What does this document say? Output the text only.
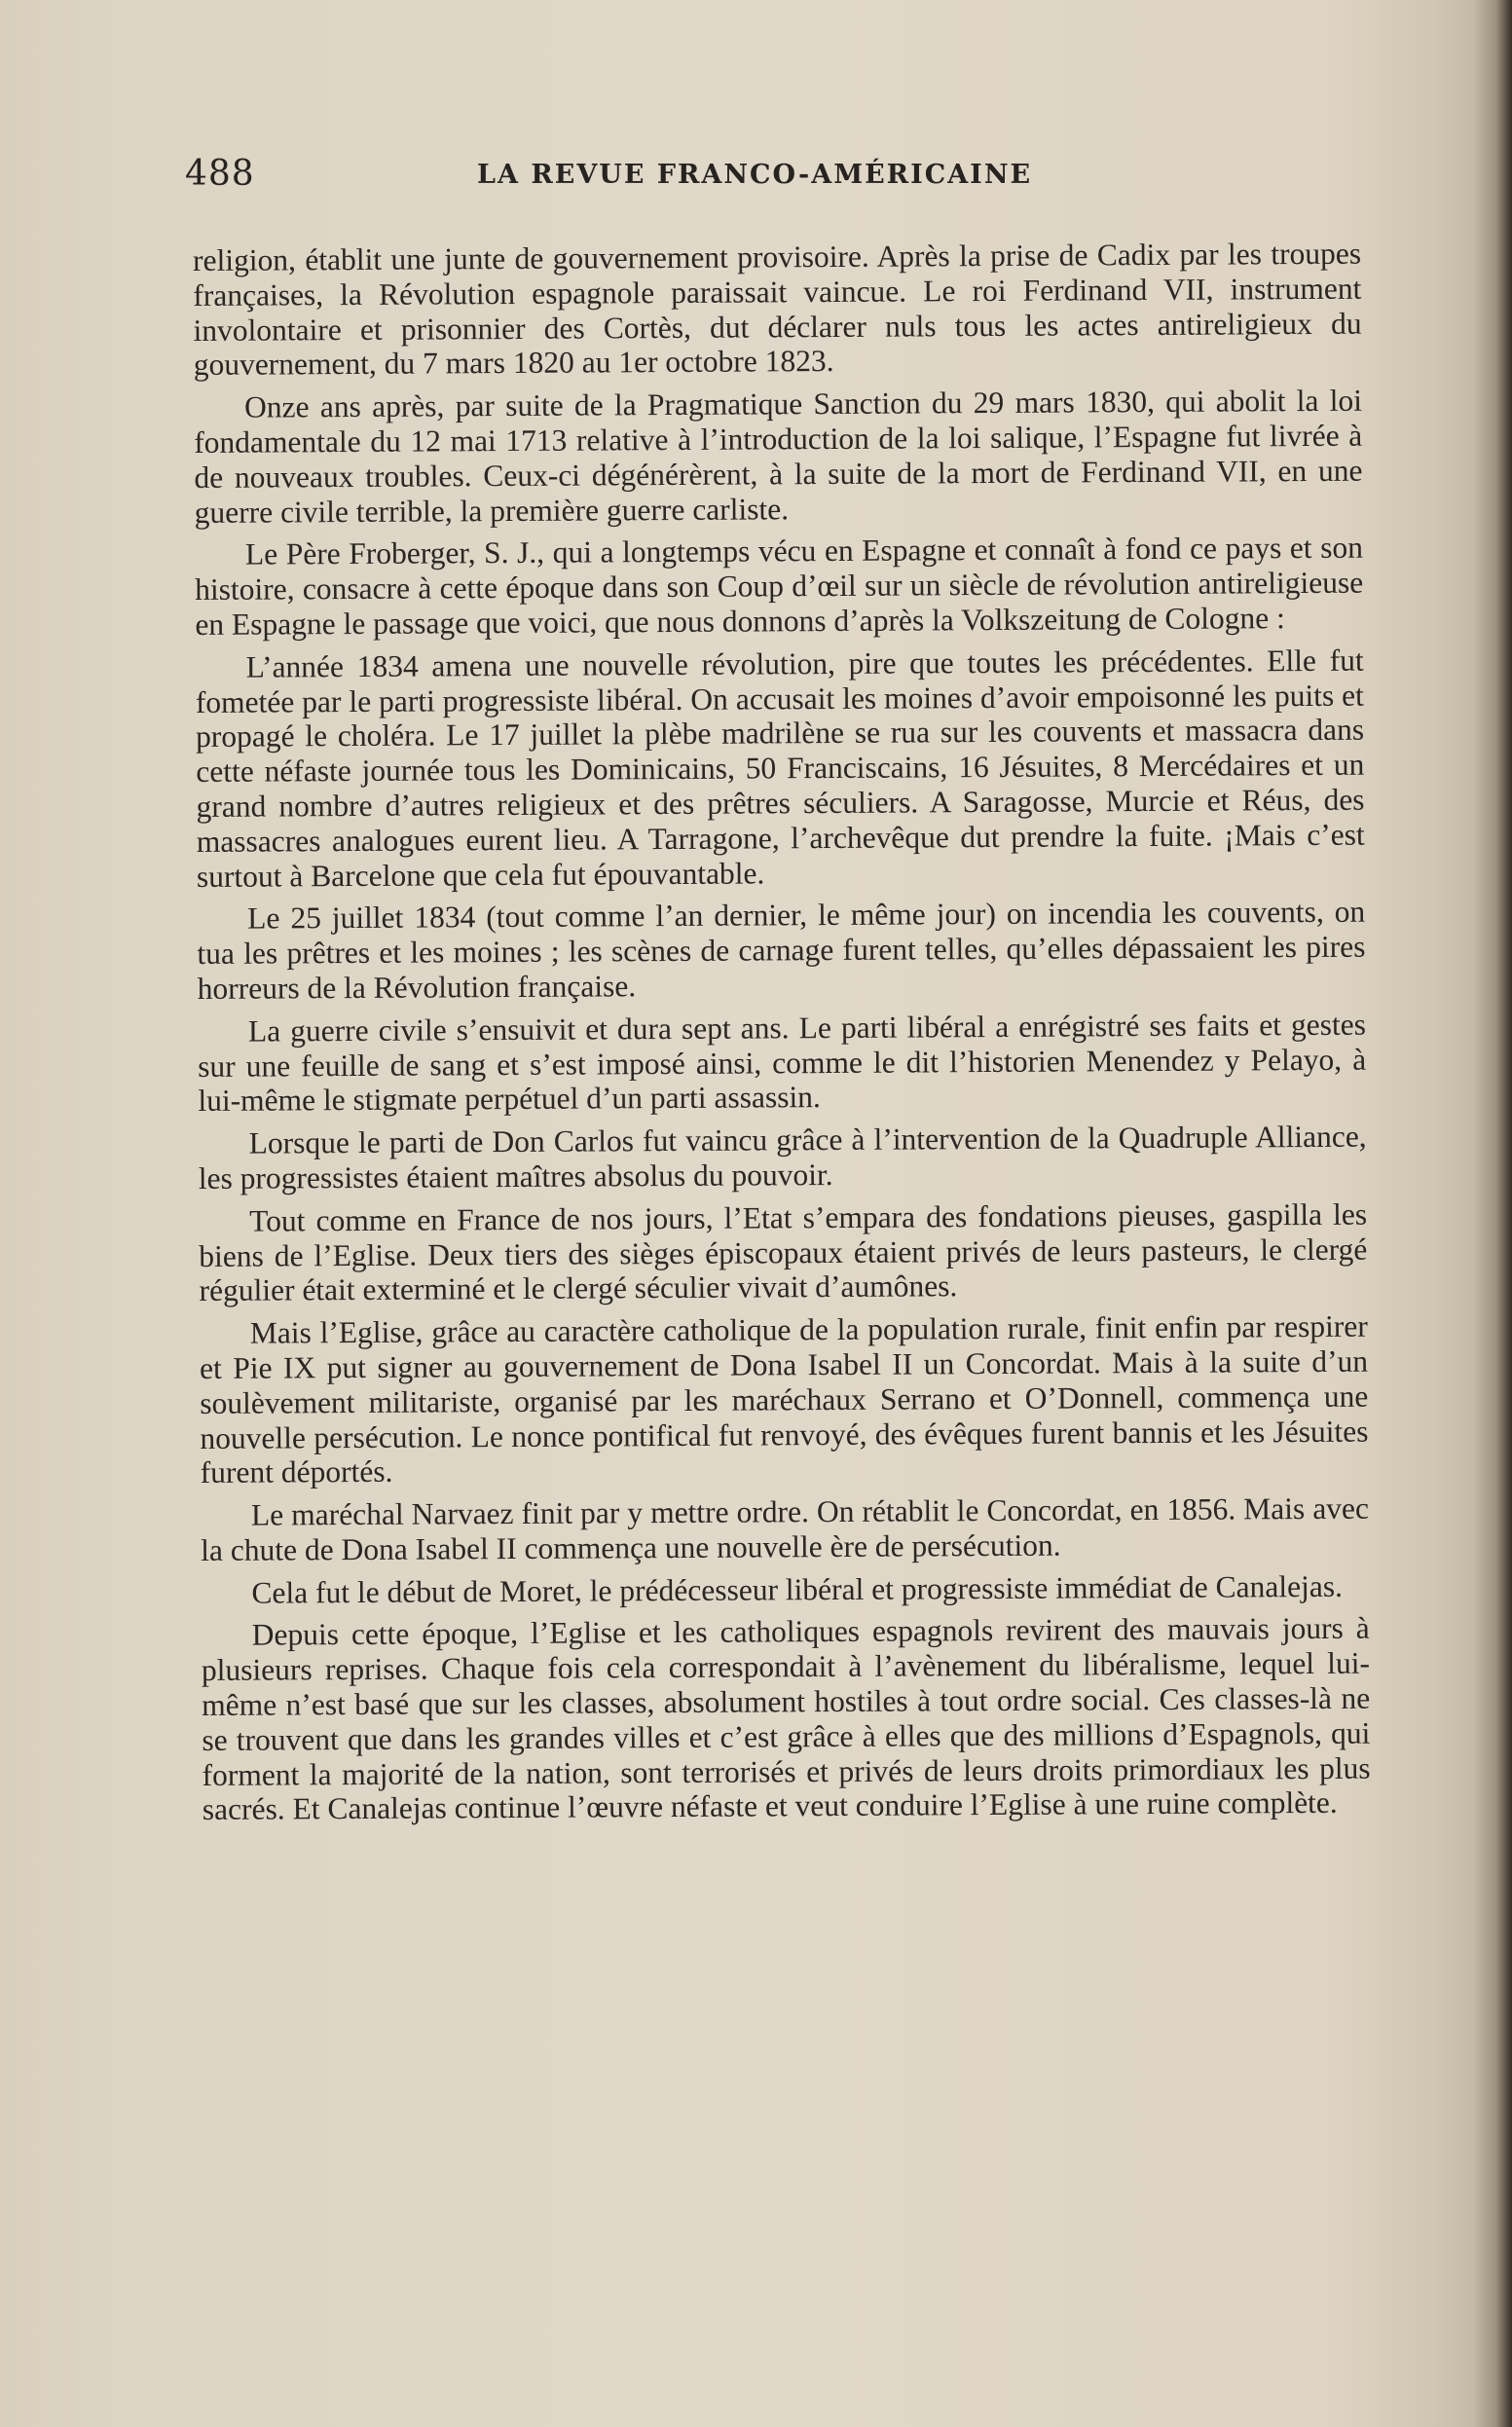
488	LA REVUE FRANCO-AMÉRICAINE

religion, établit une junte de gouvernement provisoire. Après la prise de Cadix par les troupes françaises, la Révolution espagnole paraissait vaincue. Le roi Ferdinand VII, instrument involontaire et prisonnier des Cortès, dut déclarer nuls tous les actes antireligieux du gouvernement, du 7 mars 1820 au 1er octobre 1823.

Onze ans après, par suite de la Pragmatique Sanction du 29 mars 1830, qui abolit la loi fondamentale du 12 mai 1713 relative à l’introduction de la loi salique, l’Espagne fut livrée à de nouveaux troubles. Ceux-ci dégénérèrent, à la suite de la mort de Ferdinand VII, en une guerre civile terrible, la première guerre carliste.

Le Père Froberger, S. J., qui a longtemps vécu en Espagne et connaît à fond ce pays et son histoire, consacre à cette époque dans son Coup d’œil sur un siècle de révolution antireligieuse en Espagne le passage que voici, que nous donnons d’après la Volkszeitung de Cologne :

L’année 1834 amena une nouvelle révolution, pire que toutes les précédentes. Elle fut fometée par le parti progressiste libéral. On accusait les moines d’avoir empoisonné les puits et propagé le choléra. Le 17 juillet la plèbe madrilène se rua sur les couvents et massacra dans cette néfaste journée tous les Dominicains, 50 Franciscains, 16 Jésuites, 8 Mercédaires et un grand nombre d’autres religieux et des prêtres séculiers. A Saragosse, Murcie et Réus, des massacres analogues eurent lieu. A Tarragone, l’archevêque dut prendre la fuite. ¡Mais c’est surtout à Barcelone que cela fut épouvantable.

Le 25 juillet 1834 (tout comme l’an dernier, le même jour) on incendia les couvents, on tua les prêtres et les moines ; les scènes de carnage furent telles, qu’elles dépassaient les pires horreurs de la Révolution française.

La guerre civile s’ensuivit et dura sept ans. Le parti libéral a enrégistré ses faits et gestes sur une feuille de sang et s’est imposé ainsi, comme le dit l’historien Menendez y Pelayo, à lui-même le stigmate perpétuel d’un parti assassin.

Lorsque le parti de Don Carlos fut vaincu grâce à l’intervention de la Quadruple Alliance, les progressistes étaient maîtres absolus du pouvoir.

Tout comme en France de nos jours, l’Etat s’empara des fondations pieuses, gaspilla les biens de l’Eglise. Deux tiers des sièges épiscopaux étaient privés de leurs pasteurs, le clergé régulier était exterminé et le clergé séculier vivait d’aumônes.

Mais l’Eglise, grâce au caractère catholique de la population rurale, finit enfin par respirer et Pie IX put signer au gouvernement de Dona Isabel II un Concordat. Mais à la suite d’un soulèvement militariste, organisé par les maréchaux Serrano et O’Donnell, commença une nouvelle persécution. Le nonce pontifical fut renvoyé, des évêques furent bannis et les Jésuites furent déportés.

Le maréchal Narvaez finit par y mettre ordre. On rétablit le Concordat, en 1856. Mais avec la chute de Dona Isabel II commença une nouvelle ère de persécution.

Cela fut le début de Moret, le prédécesseur libéral et progressiste immédiat de Canalejas.

Depuis cette époque, l’Eglise et les catholiques espagnols revirent des mauvais jours à plusieurs reprises. Chaque fois cela correspondait à l’avènement du libéralisme, lequel lui-même n’est basé que sur les classes, absolument hostiles à tout ordre social. Ces classes-là ne se trouvent que dans les grandes villes et c’est grâce à elles que des millions d’Espagnols, qui forment la majorité de la nation, sont terrorisés et privés de leurs droits primordiaux les plus sacrés. Et Canalejas continue l’œuvre néfaste et veut conduire l’Eglise à une ruine complète.
